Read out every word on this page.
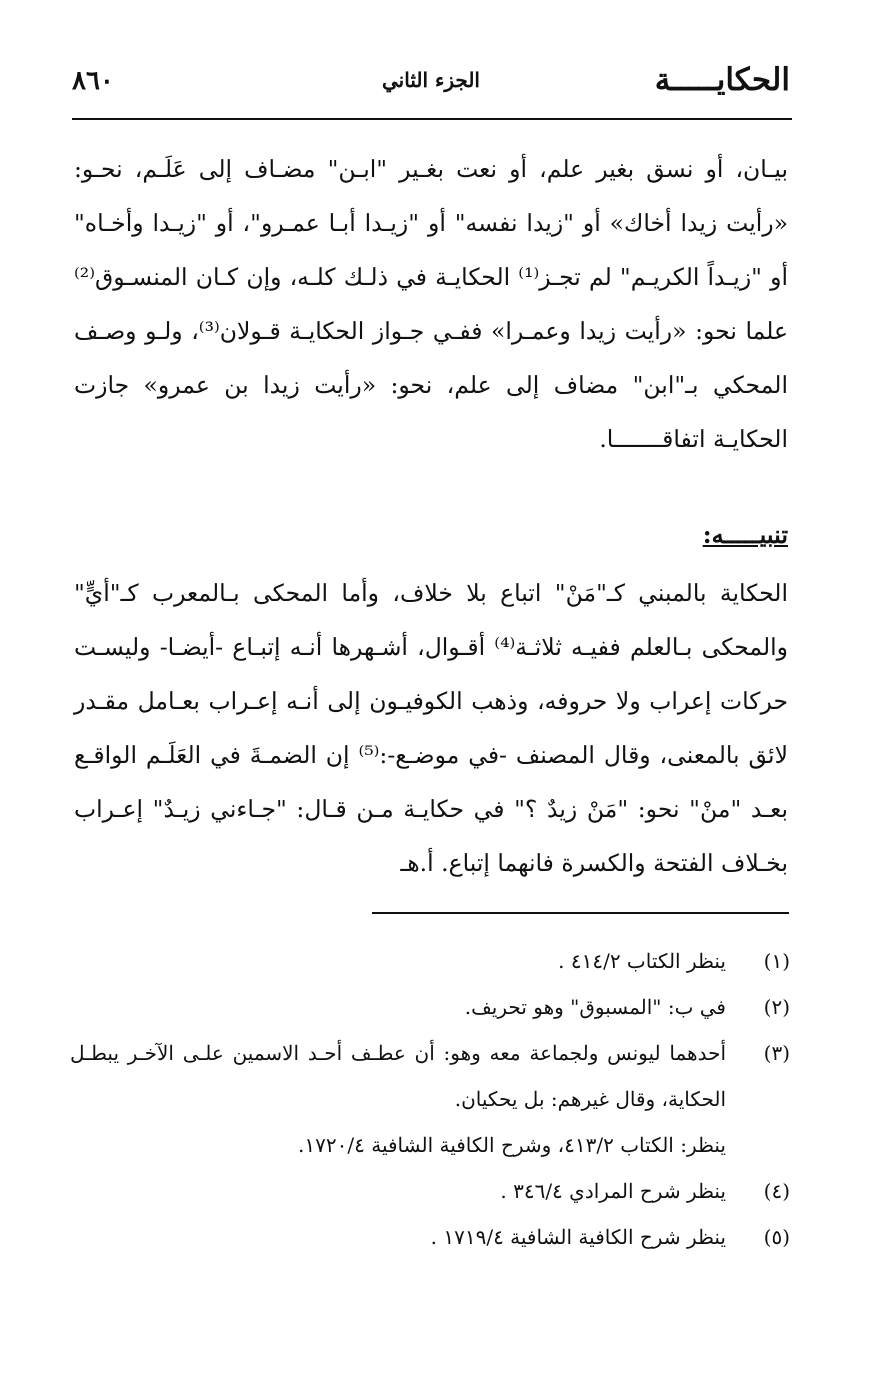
الحكايـــــة
الجزء الثاني
٨٦٠
بيـان، أو نسق بغير علم، أو نعت بغـير "ابـن" مضـاف إلى عَلَـم، نحـو: «رأيت زيدا أخاك» أو "زيدا نفسه" أو "زيـدا أبـا عمـرو"، أو "زيـدا وأخـاه" أو "زيـداً الكريـم" لم تجـز⁽¹⁾ الحكايـة في ذلـك كلـه، وإن كـان المنسـوق⁽²⁾ علما نحو: «رأيت زيدا وعمـرا» ففـي جـواز الحكايـة قـولان⁽³⁾، ولـو وصـف المحكي بـ"ابن" مضاف إلى علم، نحو: «رأيت زيدا بن عمرو» جازت الحكايـة اتفاقـــــــا.
تنبيـــــه:
الحكاية بالمبني كـ"مَنْ" اتباع بلا خلاف، وأما المحكى بـالمعرب كـ"أيٍّ" والمحكى بـالعلم ففيـه ثلاثـة⁽⁴⁾ أقـوال، أشـهرها أنـه إتبـاع -أيضـا- وليسـت حركات إعراب ولا حروفه، وذهب الكوفيـون إلى أنـه إعـراب بعـامل مقـدر لائق بالمعنى، وقال المصنف -في موضـع-:⁽⁵⁾ إن الضمـةَ في العَلَـم الواقـع بعـد "منْ" نحو: "مَنْ زيدٌ ؟" في حكايـة مـن قـال: "جـاءني زيـدٌ" إعـراب بخـلاف الفتحة والكسرة فانهما إتباع. أ.هـ
(١)
ينظر الكتاب ٤١٤/٢ .
(٢)
في ب: "المسبوق" وهو تحريف.
(٣)
أحدهما ليونس ولجماعة معه وهو: أن عطـف أحـد الاسمين علـى الآخـر يبطـل الحكاية، وقال غيرهم: بل يحكيان.
ينظر: الكتاب ٤١٣/٢، وشرح الكافية الشافية ١٧٢٠/٤.
(٤)
ينظر شرح المرادي ٣٤٦/٤ .
(٥)
ينظر شرح الكافية الشافية ١٧١٩/٤ .
